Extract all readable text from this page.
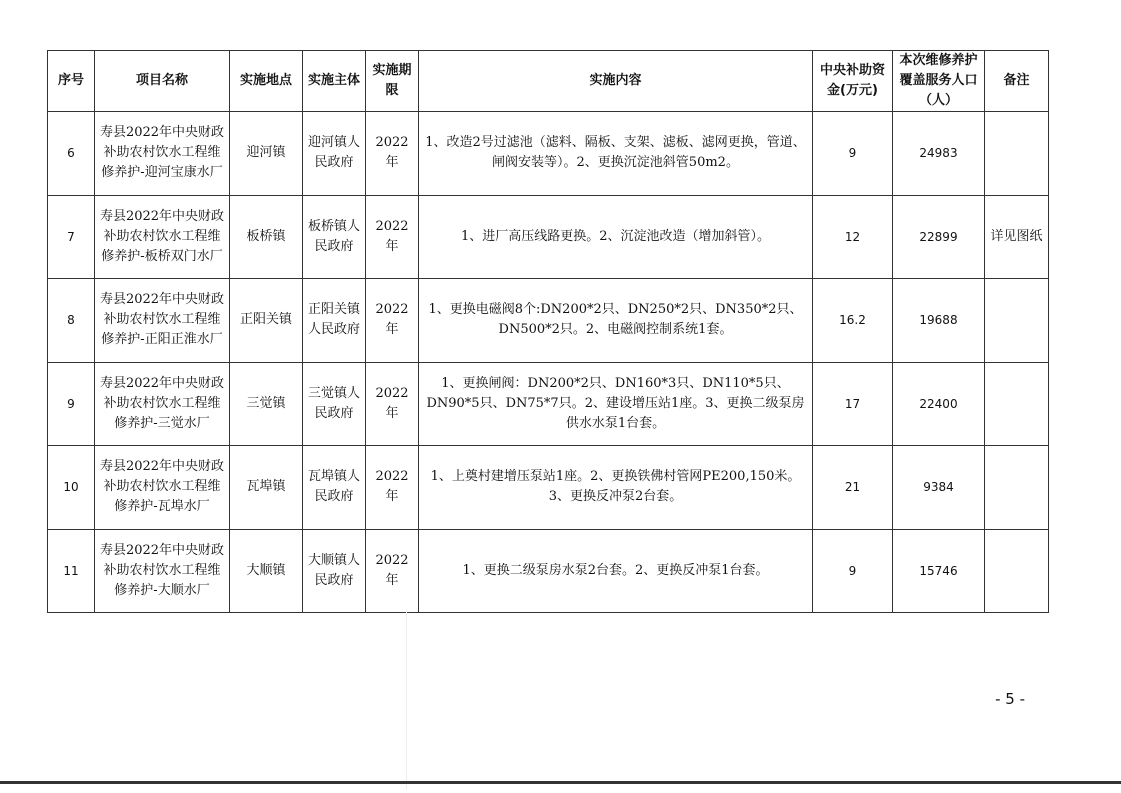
序号	项目名称	实施地点	实施主体	实施期限	实施内容	中央补助资金(万元)	本次维修养护覆盖服务人口（人）	备注
6	寿县2022年中央财政补助农村饮水工程维修养护-迎河宝康水厂	迎河镇	迎河镇人民政府	2022年	1、改造2号过滤池（滤料、隔板、支架、滤板、滤网更换，管道、闸阀安装等）。2、更换沉淀池斜管50m2。	9	24983	
7	寿县2022年中央财政补助农村饮水工程维修养护-板桥双门水厂	板桥镇	板桥镇人民政府	2022年	1、进厂高压线路更换。2、沉淀池改造（增加斜管）。	12	22899	详见图纸
8	寿县2022年中央财政补助农村饮水工程维修养护-正阳正淮水厂	正阳关镇	正阳关镇人民政府	2022年	1、更换电磁阀8个:DN200*2只、DN250*2只、DN350*2只、DN500*2只。2、电磁阀控制系统1套。	16.2	19688	
9	寿县2022年中央财政补助农村饮水工程维修养护-三觉水厂	三觉镇	三觉镇人民政府	2022年	1、更换闸阀：DN200*2只、DN160*3只、DN110*5只、DN90*5只、DN75*7只。2、建设增压站1座。3、更换二级泵房供水水泵1台套。	17	22400	
10	寿县2022年中央财政补助农村饮水工程维修养护-瓦埠水厂	瓦埠镇	瓦埠镇人民政府	2022年	1、上奠村建增压泵站1座。2、更换铁佛村管网PE200,150米。3、更换反冲泵2台套。	21	9384	
11	寿县2022年中央财政补助农村饮水工程维修养护-大顺水厂	大顺镇	大顺镇人民政府	2022年	1、更换二级泵房水泵2台套。2、更换反冲泵1台套。	9	15746	
- 5 -
